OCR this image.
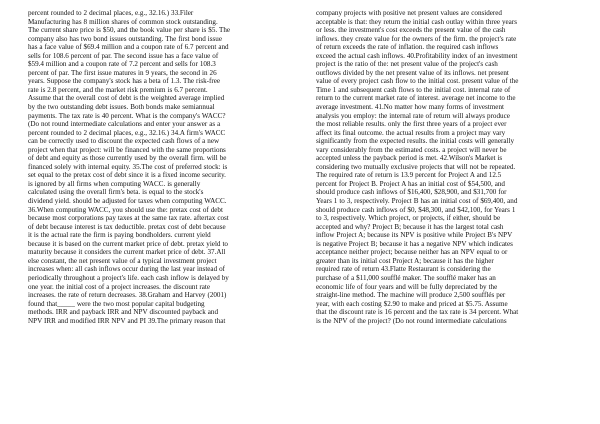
percent rounded to 2 decimal places, e.g., 32.16.) 33.Filer
Manufacturing has 8 million shares of common stock outstanding.
The current share price is $50, and the book value per share is $5. The
company also has two bond issues outstanding. The first bond issue
has a face value of $69.4 million and a coupon rate of 6.7 percent and
sells for 108.6 percent of par. The second issue has a face value of
$59.4 million and a coupon rate of 7.2 percent and sells for 108.3
percent of par. The first issue matures in 9 years, the second in 26
years. Suppose the company's stock has a beta of 1.3. The risk-free
rate is 2.8 percent, and the market risk premium is 6.7 percent.
Assume that the overall cost of debt is the weighted average implied
by the two outstanding debt issues. Both bonds make semiannual
payments. The tax rate is 40 percent. What is the company's WACC?
(Do not round intermediate calculations and enter your answer as a
percent rounded to 2 decimal places, e.g., 32.16.) 34.A firm's WACC
can be correctly used to discount the expected cash flows of a new
project when that project: will be financed with the same proportions
of debt and equity as those currently used by the overall firm. will be
financed solely with internal equity. 35.The cost of preferred stock: is
set equal to the pretax cost of debt since it is a fixed income security.
is ignored by all firms when computing WACC. is generally
calculated using the overall firm's beta. is equal to the stock's
dividend yield. should be adjusted for taxes when computing WACC.
36.When computing WACC, you should use the: pretax cost of debt
because most corporations pay taxes at the same tax rate. aftertax cost
of debt because interest is tax deductible. pretax cost of debt because
it is the actual rate the firm is paying bondholders. current yield
because it is based on the current market price of debt. pretax yield to
maturity because it considers the current market price of debt. 37.All
else constant, the net present value of a typical investment project
increases when: all cash inflows occur during the last year instead of
periodically throughout a project's life. each cash inflow is delayed by
one year. the initial cost of a project increases. the discount rate
increases. the rate of return decreases. 38.Graham and Harvey (2001)
found that_____ were the two most popular capital budgeting
methods. IRR and payback IRR and NPV discounted payback and
NPV IRR and modified IRR NPV and PI 39.The primary reason that
company projects with positive net present values are considered
acceptable is that: they return the initial cash outlay within three years
or less. the investment's cost exceeds the present value of the cash
inflows. they create value for the owners of the firm. the project's rate
of return exceeds the rate of inflation. the required cash inflows
exceed the actual cash inflows. 40.Profitability index of an investment
project is the ratio of the: net present value of the project's cash
outflows divided by the net present value of its inflows. net present
value of every project cash flow to the initial cost. present value of the
Time 1 and subsequent cash flows to the initial cost. internal rate of
return to the current market rate of interest. average net income to the
average investment. 41.No matter how many forms of investment
analysis you employ: the internal rate of return will always produce
the most reliable results. only the first three years of a project ever
affect its final outcome. the actual results from a project may vary
significantly from the expected results. the initial costs will generally
vary considerably from the estimated costs. a project will never be
accepted unless the payback period is met. 42.Wilson's Market is
considering two mutually exclusive projects that will not be repeated.
The required rate of return is 13.9 percent for Project A and 12.5
percent for Project B. Project A has an initial cost of $54,500, and
should produce cash inflows of $16,400, $28,900, and $31,700 for
Years 1 to 3, respectively. Project B has an initial cost of $69,400, and
should produce cash inflows of $0, $48,300, and $42,100, for Years 1
to 3, respectively. Which project, or projects, if either, should be
accepted and why? Project B; because it has the largest total cash
inflow Project A; because its NPV is positive while Project B's NPV
is negative Project B; because it has a negative NPV which indicates
acceptance neither project; because neither has an NPV equal to or
greater than its initial cost Project A; because it has the higher
required rate of return 43.Flatte Restaurant is considering the
purchase of a $11,000 soufflé maker. The soufflé maker has an
economic life of four years and will be fully depreciated by the
straight-line method. The machine will produce 2,500 soufflés per
year, with each costing $2.90 to make and priced at $5.75. Assume
that the discount rate is 16 percent and the tax rate is 34 percent. What
is the NPV of the project? (Do not round intermediate calculations
